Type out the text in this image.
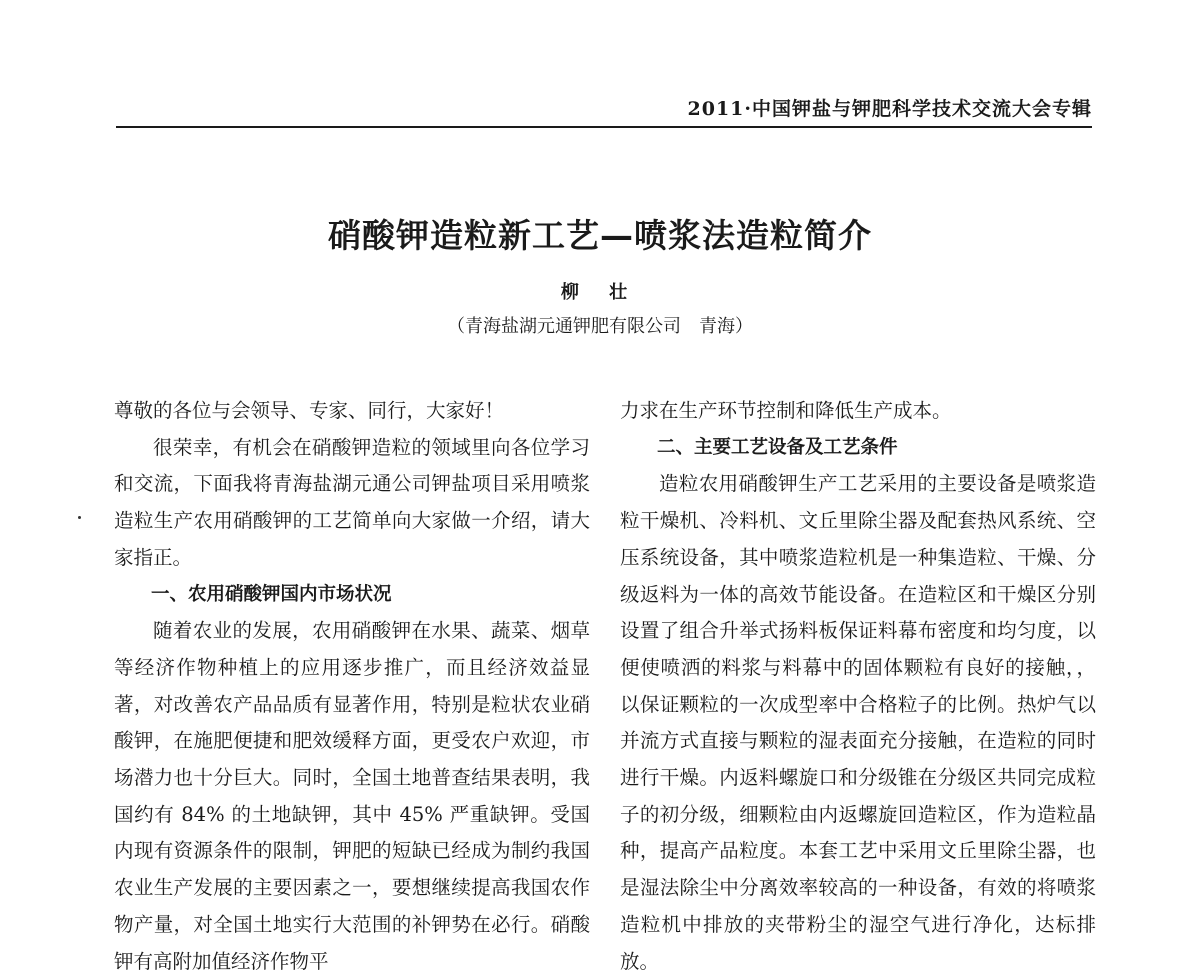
2011·中国钾盐与钾肥科学技术交流大会专辑
硝酸钾造粒新工艺—喷浆法造粒简介
柳 壮
（青海盐湖元通钾肥有限公司　青海）

尊敬的各位与会领导、专家、同行，大家好！

很荣幸，有机会在硝酸钾造粒的领域里向各位学习和交流，下面我将青海盐湖元通公司钾盐项目采用喷浆造粒生产农用硝酸钾的工艺简单向大家做一介绍，请大家指正。

一、农用硝酸钾国内市场状况

随着农业的发展，农用硝酸钾在水果、蔬菜、烟草等经济作物种植上的应用逐步推广，而且经济效益显著，对改善农产品品质有显著作用，特别是粒状农业硝酸钾，在施肥便捷和肥效缓释方面，更受农户欢迎，市场潜力也十分巨大。同时，全国土地普查结果表明，我国约有 84% 的土地缺钾，其中 45% 严重缺钾。受国内现有资源条件的限制，钾肥的短缺已经成为制约我国农业生产发展的主要因素之一，要想继续提高我国农作物产量，对全国土地实行大范围的补钾势在必行。硝酸钾有高附加值经济作物平

力求在生产环节控制和降低生产成本。

二、主要工艺设备及工艺条件

造粒农用硝酸钾生产工艺采用的主要设备是喷浆造粒干燥机、冷料机、文丘里除尘器及配套热风系统、空压系统设备，其中喷浆造粒机是一种集造粒、干燥、分级返料为一体的高效节能设备。在造粒区和干燥区分别设置了组合升举式扬料板保证料幕布密度和均匀度，以便使喷洒的料浆与料幕中的固体颗粒有良好的接触，，以保证颗粒的一次成型率中合格粒子的比例。热炉气以并流方式直接与颗粒的湿表面充分接触，在造粒的同时进行干燥。内返料螺旋口和分级锥在分级区共同完成粒子的初分级，细颗粒由内返螺旋回造粒区，作为造粒晶种，提高产品粒度。本套工艺中采用文丘里除尘器，也是湿法除尘中分离效率较高的一种设备，有效的将喷浆造粒机中排放的夹带粉尘的湿空气进行净化，达标排放。
